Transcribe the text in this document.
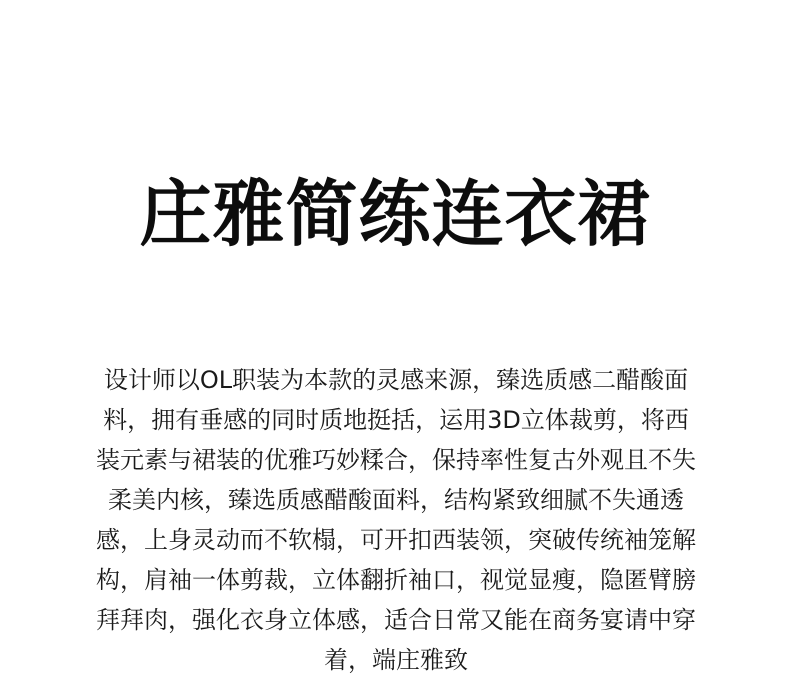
庄雅简练连衣裙
设计师以OL职装为本款的灵感来源，臻选质感二醋酸面
料，拥有垂感的同时质地挺括，运用3D立体裁剪，将西
装元素与裙装的优雅巧妙糅合，保持率性复古外观且不失
柔美内核，臻选质感醋酸面料，结构紧致细腻不失通透
感，上身灵动而不软榻，可开扣西装领，突破传统袖笼解
构，肩袖一体剪裁，立体翻折袖口，视觉显瘦，隐匿臂膀
拜拜肉，强化衣身立体感，适合日常又能在商务宴请中穿
着，端庄雅致
